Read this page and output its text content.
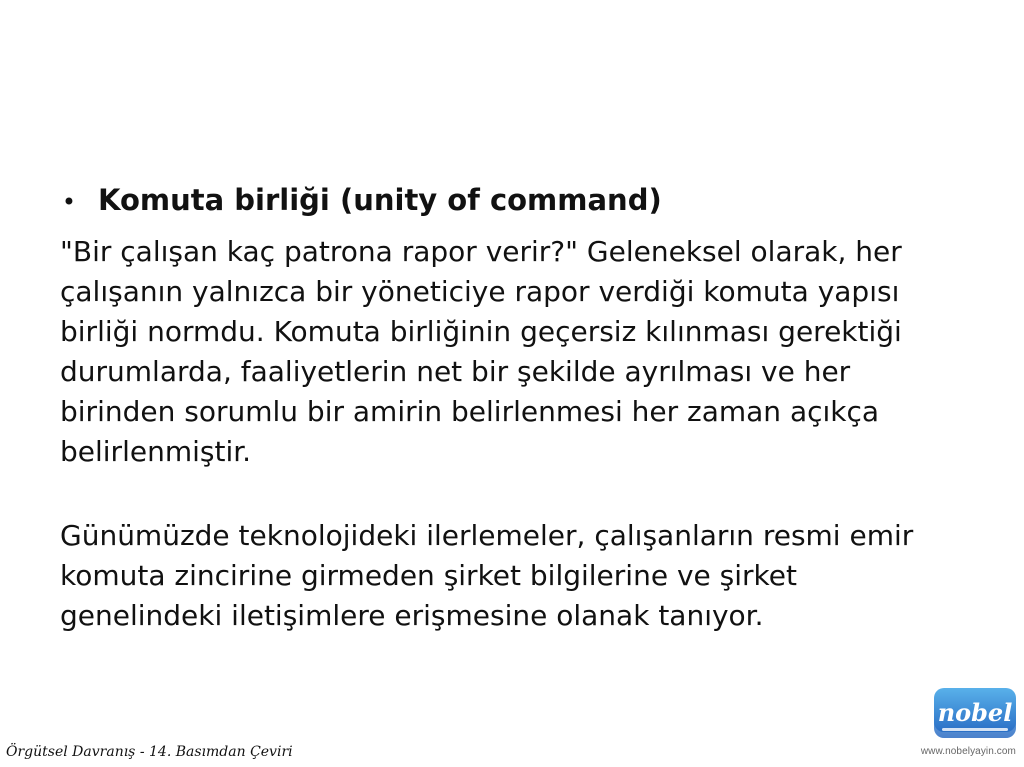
• Komuta birliği (unity of command)

"Bir çalışan kaç patrona rapor verir?" Geleneksel olarak, her çalışanın yalnızca bir yöneticiye rapor verdiği komuta yapısı birliği normdu. Komuta birliğinin geçersiz kılınması gerektiği durumlarda, faaliyetlerin net bir şekilde ayrılması ve her birinden sorumlu bir amirin belirlenmesi her zaman açıkça belirlenmiştir.

Günümüzde teknolojideki ilerlemeler, çalışanların resmi emir komuta zincirine girmeden şirket bilgilerine ve şirket genelindeki iletişimlere erişmesine olanak tanıyor.

Örgütsel Davranış - 14. Basımdan Çeviri
nobel
www.nobelyayin.com
